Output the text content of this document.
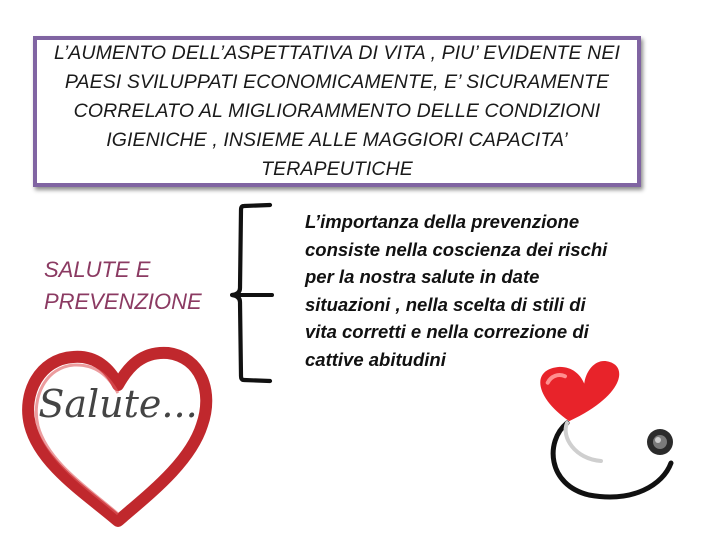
L’AUMENTO DELL’ASPETTATIVA DI VITA , PIU’ EVIDENTE NEI PAESI SVILUPPATI ECONOMICAMENTE, E’ SICURAMENTE CORRELATO AL MIGLIORAMMENTO DELLE CONDIZIONI IGIENICHE , INSIEME ALLE MAGGIORI CAPACITA’ TERAPEUTICHE

SALUTE E
PREVENZIONE
L’importanza della prevenzione consiste nella coscienza dei rischi per la nostra salute in date situazioni , nella scelta di stili di vita corretti e nella correzione di cattive abitudini
Salute...
